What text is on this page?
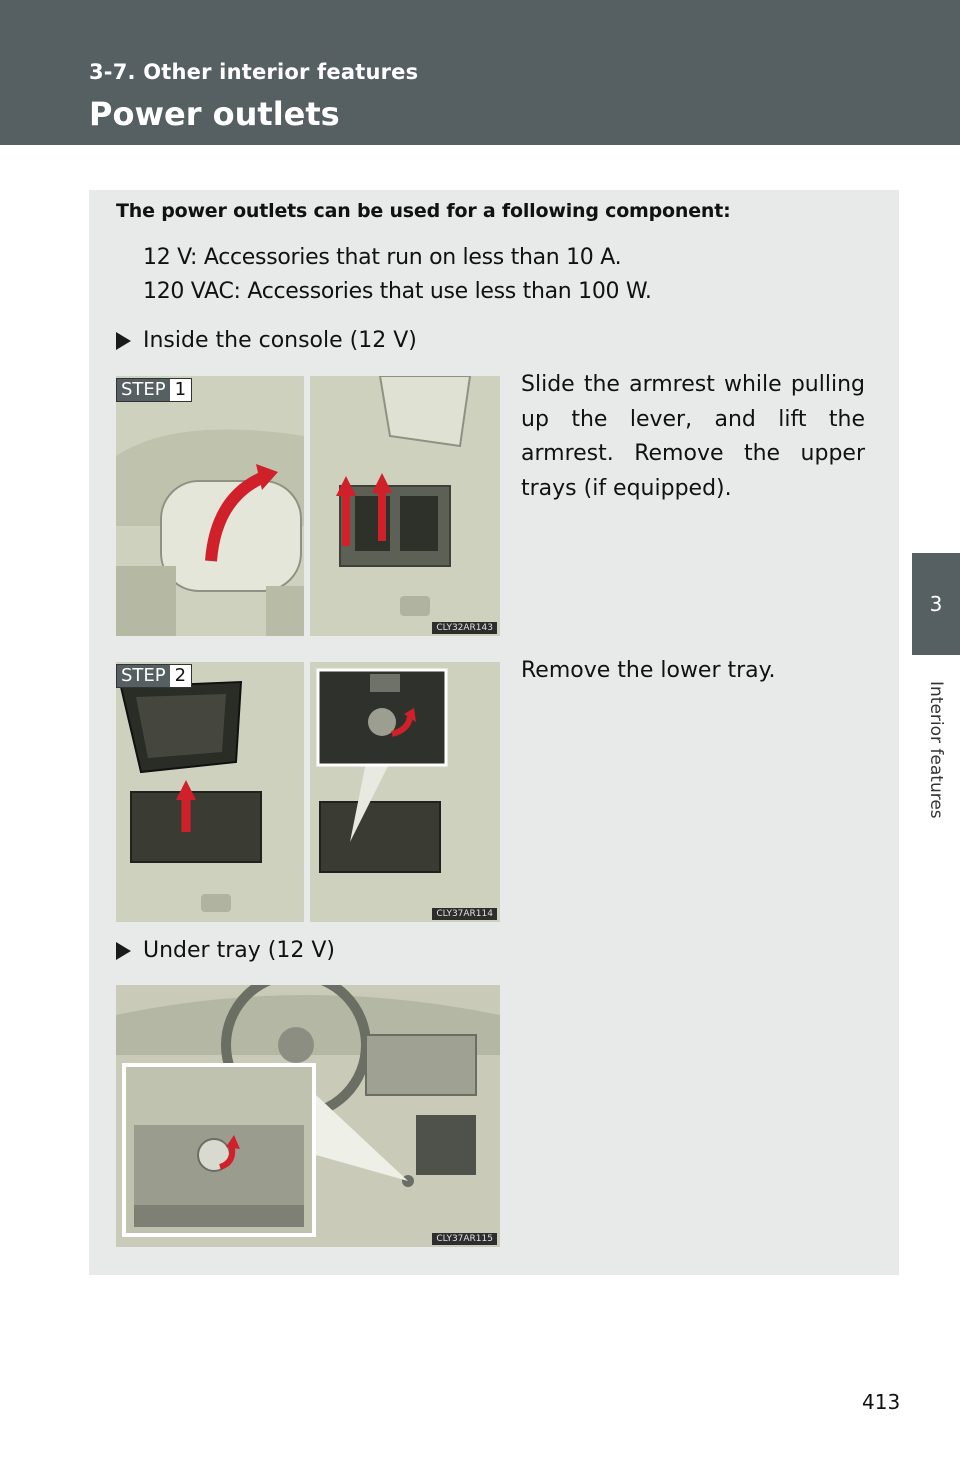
3-7. Other interior features
Power outlets
3
Interior features
The power outlets can be used for a following component:
12 V: Accessories that run on less than 10 A.
120 VAC: Accessories that use less than 100 W.
Inside the console (12 V)
STEP 1
CLY32AR143
Slide the armrest while pulling up the lever, and lift the armrest. Remove the upper trays (if equipped).
STEP 2
CLY37AR114
Remove the lower tray.
Under tray (12 V)
CLY37AR115
413
